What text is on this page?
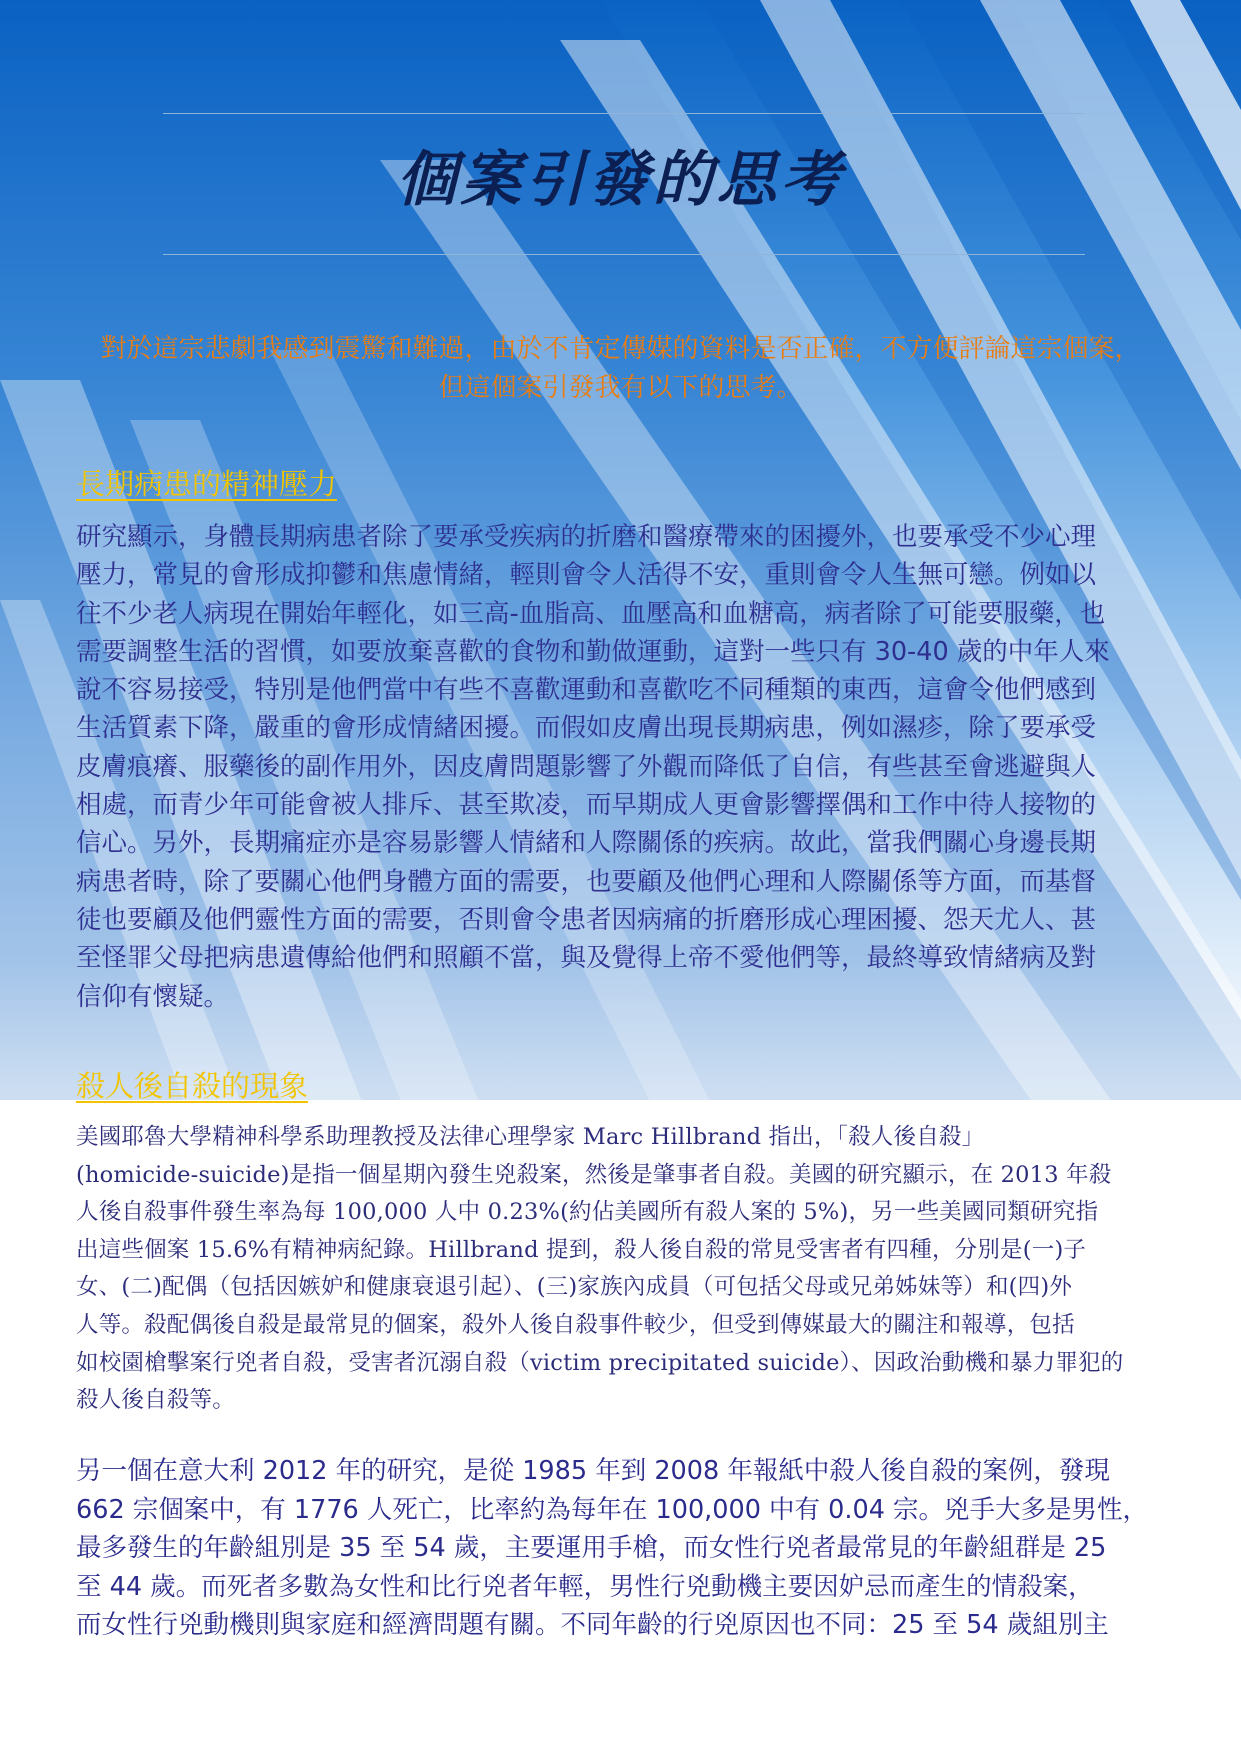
個案引發的思考
對於這宗悲劇我感到震驚和難過，由於不肯定傳媒的資料是否正確，不方便評論這宗個案，
但這個案引發我有以下的思考。
長期病患的精神壓力
研究顯示，身體長期病患者除了要承受疾病的折磨和醫療帶來的困擾外，也要承受不少心理
壓力，常見的會形成抑鬱和焦慮情緒，輕則會令人活得不安，重則會令人生無可戀。例如以
往不少老人病現在開始年輕化，如三高-血脂高、血壓高和血糖高，病者除了可能要服藥，也
需要調整生活的習慣，如要放棄喜歡的食物和勤做運動，這對一些只有 30-40 歲的中年人來
說不容易接受，特別是他們當中有些不喜歡運動和喜歡吃不同種類的東西，這會令他們感到
生活質素下降，嚴重的會形成情緒困擾。而假如皮膚出現長期病患，例如濕疹，除了要承受
皮膚痕癢、服藥後的副作用外，因皮膚問題影響了外觀而降低了自信，有些甚至會逃避與人
相處，而青少年可能會被人排斥、甚至欺凌，而早期成人更會影響擇偶和工作中待人接物的
信心。另外，長期痛症亦是容易影響人情緒和人際關係的疾病。故此，當我們關心身邊長期
病患者時，除了要關心他們身體方面的需要，也要顧及他們心理和人際關係等方面，而基督
徒也要顧及他們靈性方面的需要，否則會令患者因病痛的折磨形成心理困擾、怨天尤人、甚
至怪罪父母把病患遺傳給他們和照顧不當，與及覺得上帝不愛他們等，最終導致情緒病及對
信仰有懷疑。
殺人後自殺的現象
美國耶魯大學精神科學系助理教授及法律心理學家 Marc Hillbrand 指出，「殺人後自殺」
(homicide-suicide)是指一個星期內發生兇殺案，然後是肇事者自殺。美國的研究顯示，在 2013 年殺
人後自殺事件發生率為每 100,000 人中 0.23%(約佔美國所有殺人案的 5%)，另一些美國同類研究指
出這些個案 15.6%有精神病紀錄。Hillbrand 提到，殺人後自殺的常見受害者有四種，分別是(一)子
女、(二)配偶（包括因嫉妒和健康衰退引起）、(三)家族內成員（可包括父母或兄弟姊妹等）和(四)外
人等。殺配偶後自殺是最常見的個案，殺外人後自殺事件較少，但受到傳媒最大的關注和報導，包括
如校園槍擊案行兇者自殺，受害者沉溺自殺（victim precipitated suicide）、因政治動機和暴力罪犯的
殺人後自殺等。
另一個在意大利 2012 年的研究，是從 1985 年到 2008 年報紙中殺人後自殺的案例，發現
662 宗個案中，有 1776 人死亡，比率約為每年在 100,000 中有 0.04 宗。兇手大多是男性，
最多發生的年齡組別是 35 至 54 歲，主要運用手槍，而女性行兇者最常見的年齡組群是 25
至 44 歲。而死者多數為女性和比行兇者年輕，男性行兇動機主要因妒忌而產生的情殺案，
而女性行兇動機則與家庭和經濟問題有關。不同年齡的行兇原因也不同：25 至 54 歲組別主
